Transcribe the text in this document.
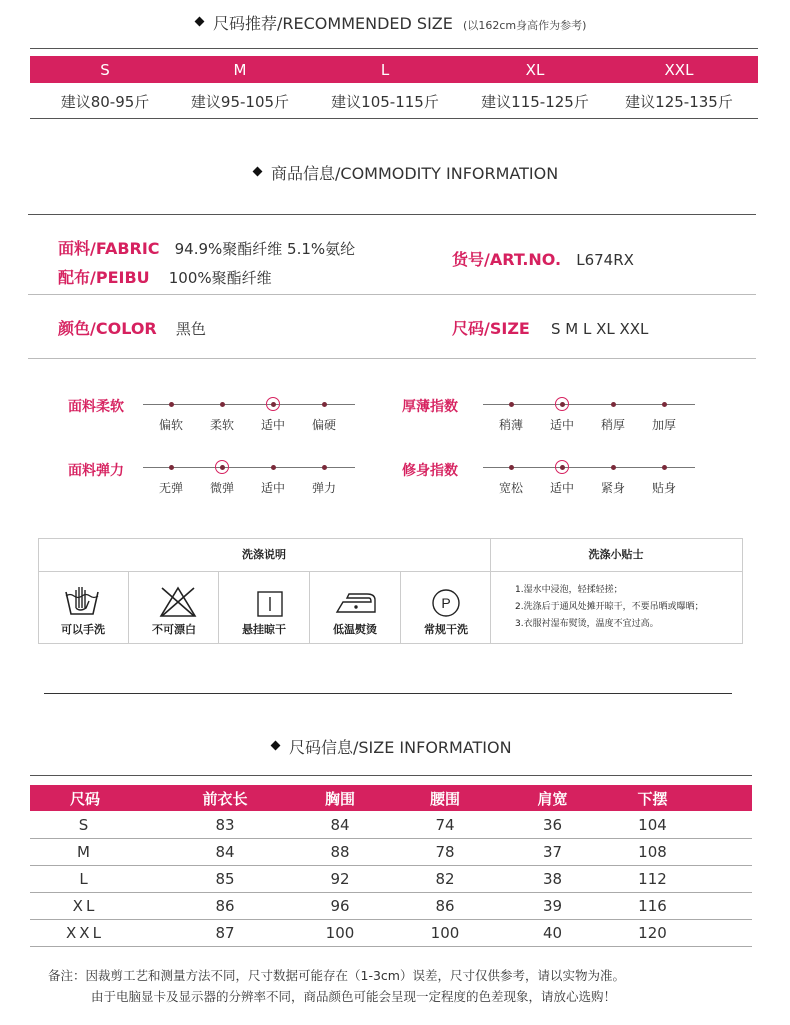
尺码推荐/RECOMMENDED SIZE (以162cm身高作为参考)
S	M	L	XL	XXL
建议80-95斤	建议95-105斤	建议105-115斤	建议115-125斤	建议125-135斤
商品信息/COMMODITY INFORMATION
面料/FABRIC 94.9%聚酯纤维 5.1%氨纶
配布/PEIBU 100%聚酯纤维
货号/ART.NO. L674RX
颜色/COLOR 黑色	尺码/SIZE S M L XL XXL
面料柔软
偏软	柔软	适中	偏硬
厚薄指数
稍薄	适中	稍厚	加厚
面料弹力
无弹	微弹	适中	弹力
修身指数
宽松	适中	紧身	贴身
洗涤说明	洗涤小贴士
P
可以手洗	不可漂白	悬挂晾干	低温熨烫	常规干洗
1.湿水中浸泡，轻揉轻搓；
2.洗涤后于通风处摊开晾干，不要吊晒或曝晒；
3.衣服衬湿布熨烫，温度不宜过高。
尺码信息/SIZE INFORMATION
尺码	前衣长	胸围	腰围	肩宽	下摆
S	83	84	74	36	104
M	84	88	78	37	108
L	85	92	82	38	112
XL	86	96	86	39	116
XXL	87	100	100	40	120
备注：因裁剪工艺和测量方法不同，尺寸数据可能存在（1-3cm）误差，尺寸仅供参考，请以实物为准。
由于电脑显卡及显示器的分辨率不同，商品颜色可能会呈现一定程度的色差现象，请放心选购！
